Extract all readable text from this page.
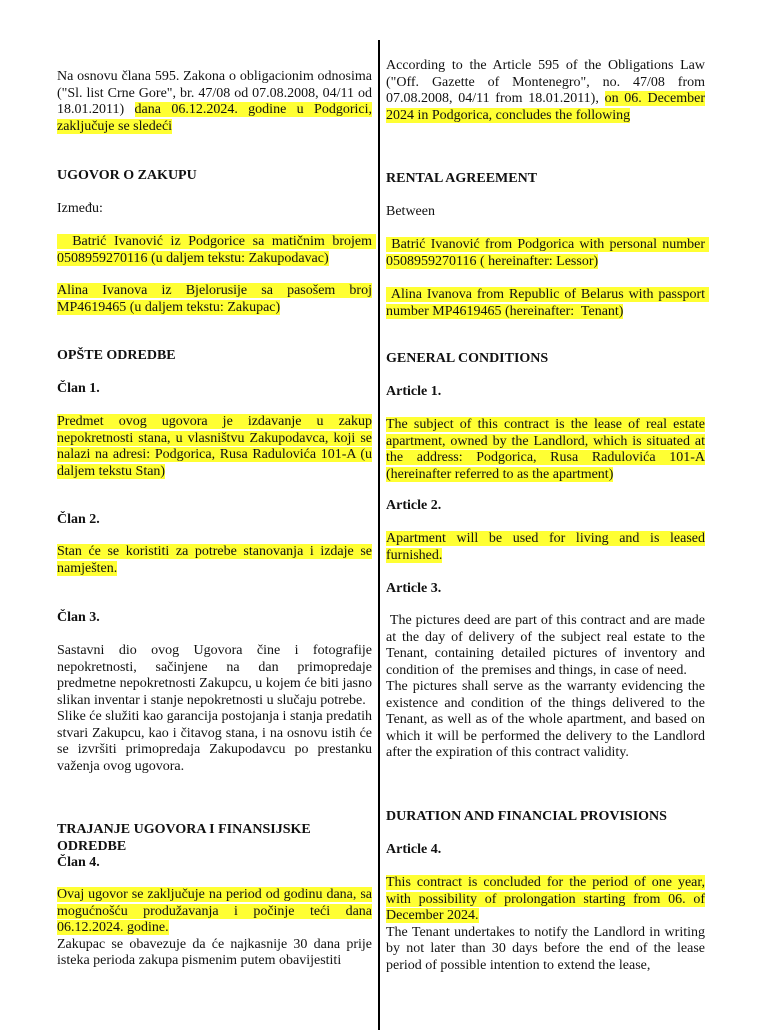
Na osnovu člana 595. Zakona o obligacionim odnosima ("Sl. list Crne Gore", br. 47/08 od 07.08.2008, 04/11 od 18.01.2011) dana 06.12.2024. godine u Podgorici, zaključuje se sledeći

UGOVOR O ZAKUPU

Između:

Batrić Ivanović iz Podgorice sa matičnim brojem 0508959270116 (u daljem tekstu: Zakupodavac)

Alina Ivanova iz Bjelorusije sa pasošem broj MP4619465 (u daljem tekstu: Zakupac)

OPŠTE ODREDBE

Član 1.

Predmet ovog ugovora je izdavanje u zakup nepokretnosti stana, u vlasništvu Zakupodavca, koji se nalazi na adresi: Podgorica, Rusa Radulovića 101-A (u daljem tekstu Stan)

Član 2.

Stan će se koristiti za potrebe stanovanja i izdaje se namješten.

Član 3.

Sastavni dio ovog Ugovora čine i fotografije nepokretnosti, sačinjene na dan primopredaje predmetne nepokretnosti Zakupcu, u kojem će biti jasno slikan inventar i stanje nepokretnosti u slučaju potrebe.
Slike će služiti kao garancija postojanja i stanja predatih stvari Zakupcu, kao i čitavog stana, i na osnovu istih će se izvršiti primopredaja Zakupodavcu po prestanku važenja ovog ugovora.

TRAJANJE UGOVORA I FINANSIJSKE ODREDBE

Član 4.

Ovaj ugovor se zaključuje na period od godinu dana, sa mogućnošću produžavanja i počinje teći dana 06.12.2024. godine.
Zakupac se obavezuje da će najkasnije 30 dana prije isteka perioda zakupa pismenim putem obavijestiti

According to the Article 595 of the Obligations Law ("Off. Gazette of Montenegro", no. 47/08 from 07.08.2008, 04/11 from 18.01.2011), on 06. December 2024 in Podgorica, concludes the following

RENTAL AGREEMENT

Between

Batrić Ivanović from Podgorica with personal number 0508959270116 ( hereinafter: Lessor)

Alina Ivanova from Republic of Belarus with passport number MP4619465 (hereinafter:  Tenant)

GENERAL CONDITIONS

Article 1.

The subject of this contract is the lease of real estate apartment, owned by the Landlord, which is situated at the address: Podgorica, Rusa Radulovića 101-A (hereinafter referred to as the apartment)

Article 2.

Apartment will be used for living and is leased furnished.

Article 3.

The pictures deed are part of this contract and are made at the day of delivery of the subject real estate to the Tenant, containing detailed pictures of inventory and condition of  the premises and things, in case of need.
The pictures shall serve as the warranty evidencing the existence and condition of the things delivered to the Tenant, as well as of the whole apartment, and based on which it will be performed the delivery to the Landlord after the expiration of this contract validity.

DURATION AND FINANCIAL PROVISIONS

Article 4.

This contract is concluded for the period of one year, with possibility of prolongation starting from 06. of December 2024.
The Tenant undertakes to notify the Landlord in writing by not later than 30 days before the end of the lease period of possible intention to extend the lease,
